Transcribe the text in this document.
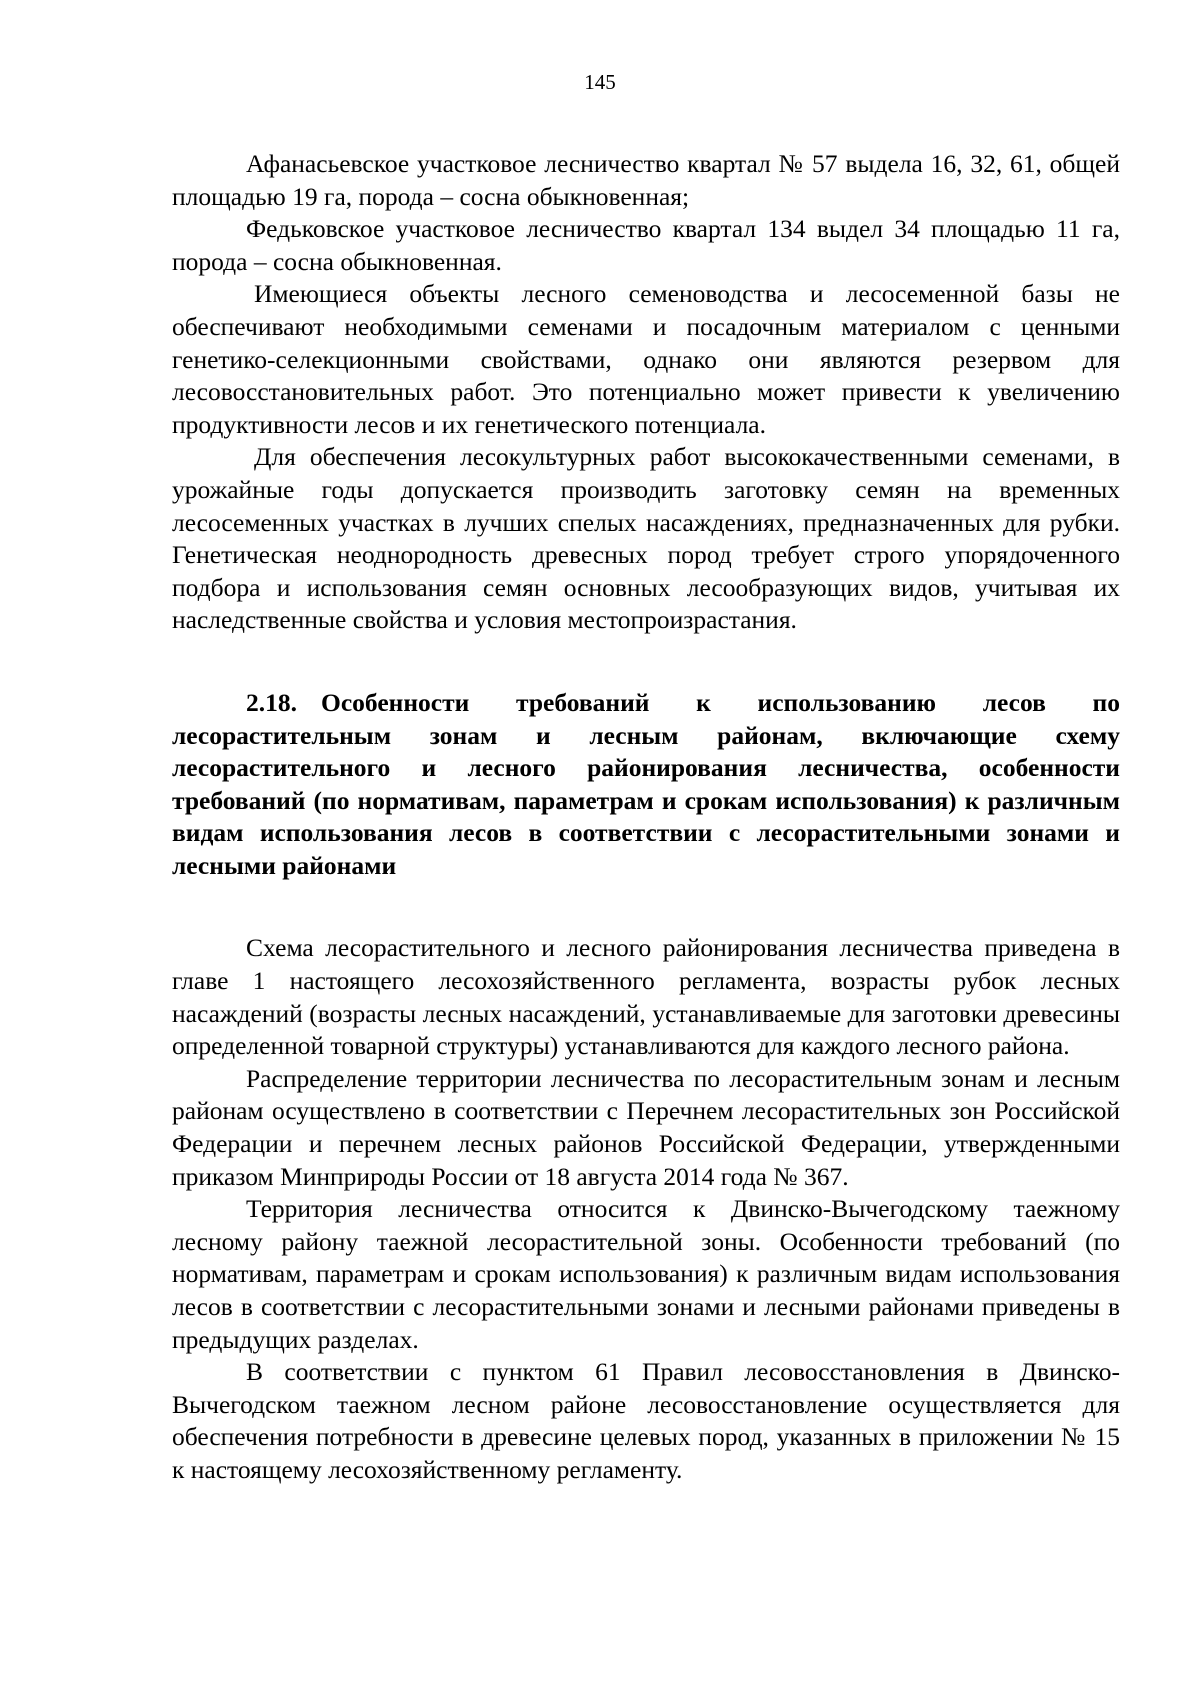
145

Афанасьевское участковое лесничество квартал № 57 выдела 16, 32, 61, общей площадью 19 га, порода – сосна обыкновенная;

Федьковское участковое лесничество квартал 134 выдел 34 площадью 11 га, порода – сосна обыкновенная.

Имеющиеся объекты лесного семеноводства и лесосеменной базы не обеспечивают необходимыми семенами и посадочным материалом с ценными генетико-селекционными свойствами, однако они являются резервом для лесовосстановительных работ. Это потенциально может привести к увеличению продуктивности лесов и их генетического потенциала.

Для обеспечения лесокультурных работ высококачественными семенами, в урожайные годы допускается производить заготовку семян на временных лесосеменных участках в лучших спелых насаждениях, предназначенных для рубки. Генетическая неоднородность древесных пород требует строго упорядоченного подбора и использования семян основных лесообразующих видов, учитывая их наследственные свойства и условия местопроизрастания.

2.18. Особенности требований к использованию лесов по лесорастительным зонам и лесным районам, включающие схему лесорастительного и лесного районирования лесничества, особенности требований (по нормативам, параметрам и срокам использования) к различным видам использования лесов в соответствии с лесорастительными зонами и лесными районами

Схема лесорастительного и лесного районирования лесничества приведена в главе 1 настоящего лесохозяйственного регламента, возрасты рубок лесных насаждений (возрасты лесных насаждений, устанавливаемые для заготовки древесины определенной товарной структуры) устанавливаются для каждого лесного района.

Распределение территории лесничества по лесорастительным зонам и лесным районам осуществлено в соответствии с Перечнем лесорастительных зон Российской Федерации и перечнем лесных районов Российской Федерации, утвержденными приказом Минприроды России от 18 августа 2014 года № 367.

Территория лесничества относится к Двинско-Вычегодскому таежному лесному району таежной лесорастительной зоны. Особенности требований (по нормативам, параметрам и срокам использования) к различным видам использования лесов в соответствии с лесорастительными зонами и лесными районами приведены в предыдущих разделах.

В соответствии с пунктом 61 Правил лесовосстановления в Двинско-Вычегодском таежном лесном районе лесовосстановление осуществляется для обеспечения потребности в древесине целевых пород, указанных в приложении № 15 к настоящему лесохозяйственному регламенту.
